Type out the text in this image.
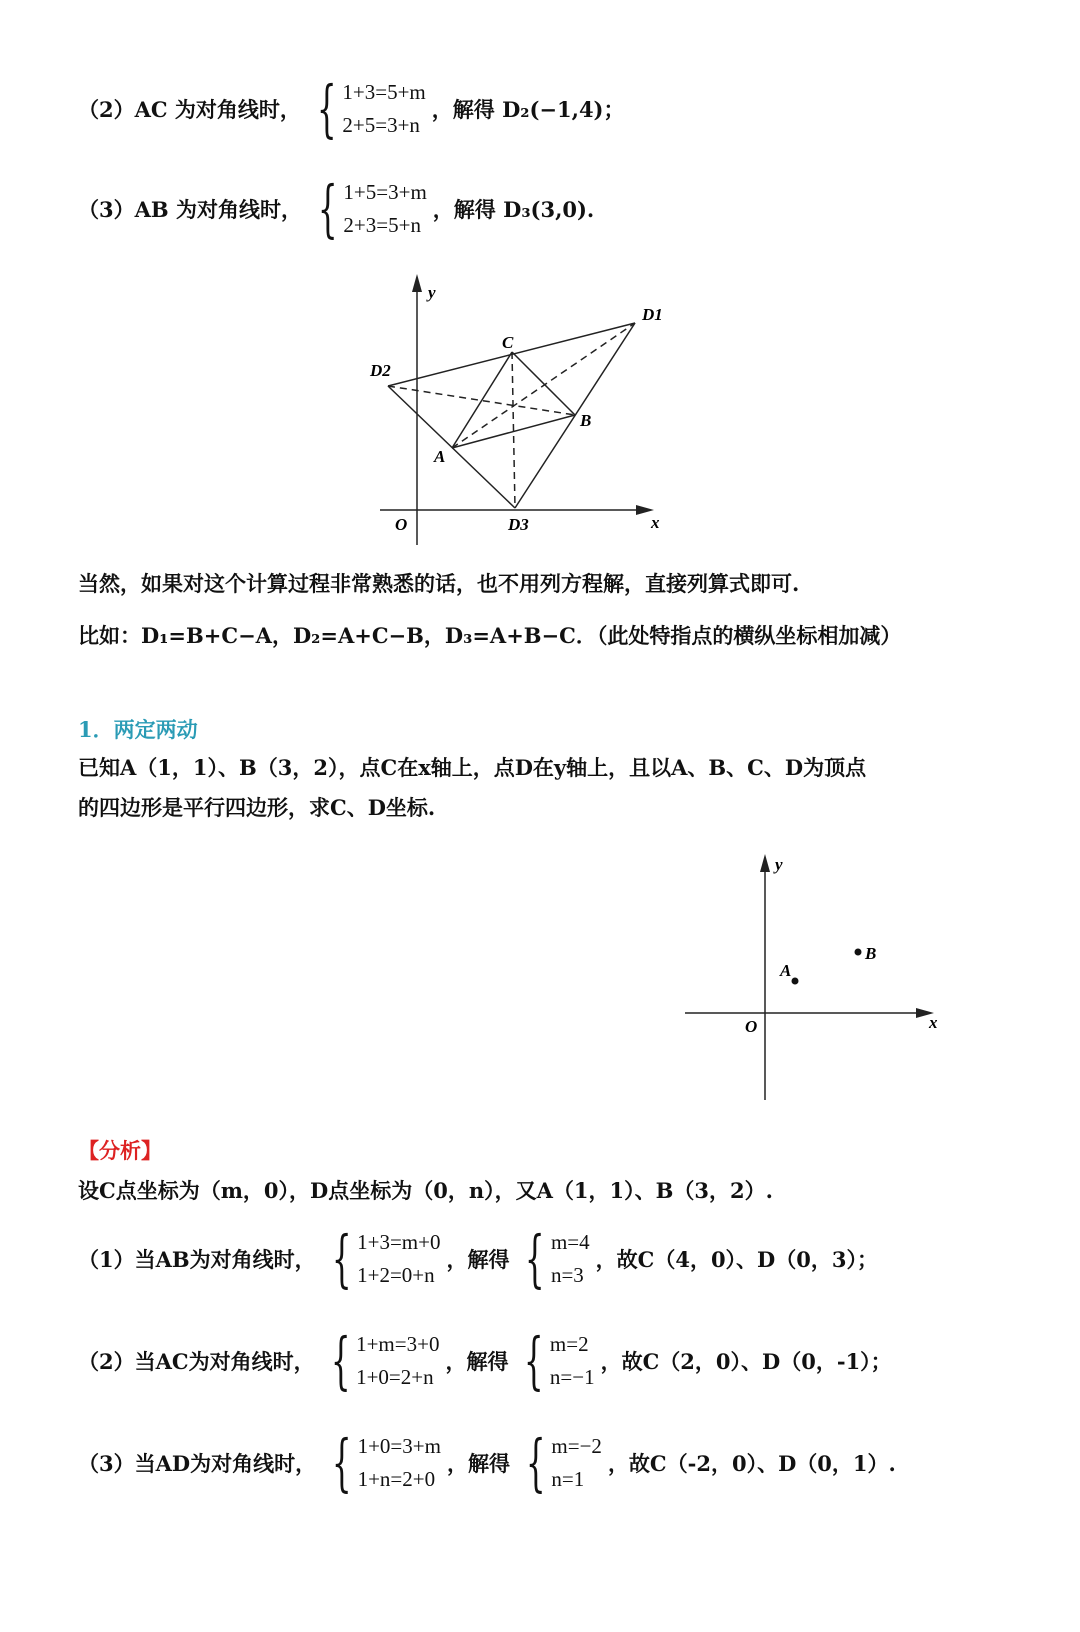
（2）AC 为对角线时， { 1+3=5+m
2+5=3+n
，解得 D₂(−1,4)；
（3）AB 为对角线时， { 1+5=3+m
2+3=5+n
，解得 D₃(3,0).
y
x
O
A
B
C
D1
D2
D3
当然，如果对这个计算过程非常熟悉的话，也不用列方程解，直接列算式即可.
比如：D₁=B+C−A，D₂=A+C−B，D₃=A+B−C．（此处特指点的横纵坐标相加减）
1．两定两动
已知A（1，1）、B（3，2），点C在x轴上，点D在y轴上，且以A、B、C、D为顶点
的四边形是平行四边形，求C、D坐标.
y
x
O
A
B
【分析】
设C点坐标为（m，0），D点坐标为（0，n），又A（1，1）、B（3，2）.
（1）当AB为对角线时， { 1+3=m+0
1+2=0+n
，解得 { m=4
n=3
，故C（4，0）、D（0，3）；
（2）当AC为对角线时， { 1+m=3+0
1+0=2+n
，解得 { m=2
n=−1
，故C（2，0）、D（0，-1）；
（3）当AD为对角线时， { 1+0=3+m
1+n=2+0
，解得 { m=−2
n=1
，故C（-2，0）、D（0，1）.
